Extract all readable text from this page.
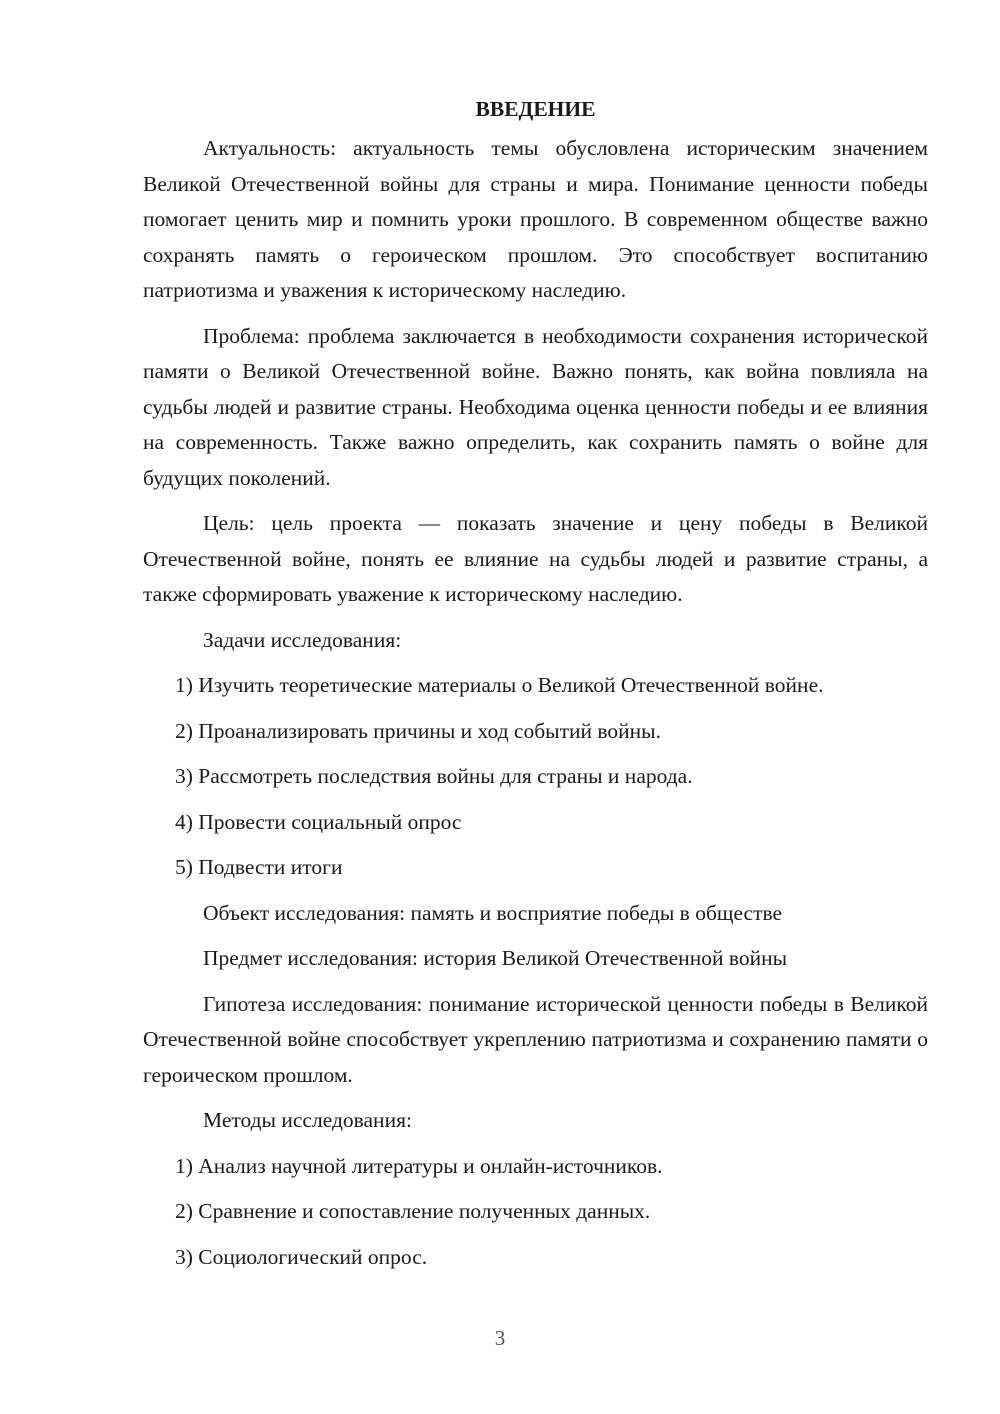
ВВЕДЕНИЕ

Актуальность: актуальность темы обусловлена историческим значением Великой Отечественной войны для страны и мира. Понимание ценности победы помогает ценить мир и помнить уроки прошлого. В современном обществе важно сохранять память о героическом прошлом. Это способствует воспитанию патриотизма и уважения к историческому наследию.

Проблема: проблема заключается в необходимости сохранения исторической памяти о Великой Отечественной войне. Важно понять, как война повлияла на судьбы людей и развитие страны. Необходима оценка ценности победы и ее влияния на современность. Также важно определить, как сохранить память о войне для будущих поколений.

Цель: цель проекта — показать значение и цену победы в Великой Отечественной войне, понять ее влияние на судьбы людей и развитие страны, а также сформировать уважение к историческому наследию.

Задачи исследования:

1) Изучить теоретические материалы о Великой Отечественной войне.

2) Проанализировать причины и ход событий войны.

3) Рассмотреть последствия войны для страны и народа.

4) Провести социальный опрос

5) Подвести итоги

Объект исследования: память и восприятие победы в обществе

Предмет исследования: история Великой Отечественной войны

Гипотеза исследования: понимание исторической ценности победы в Великой Отечественной войне способствует укреплению патриотизма и сохранению памяти о героическом прошлом.

Методы исследования:

1) Анализ научной литературы и онлайн-источников.

2) Сравнение и сопоставление полученных данных.

3) Социологический опрос.

3
